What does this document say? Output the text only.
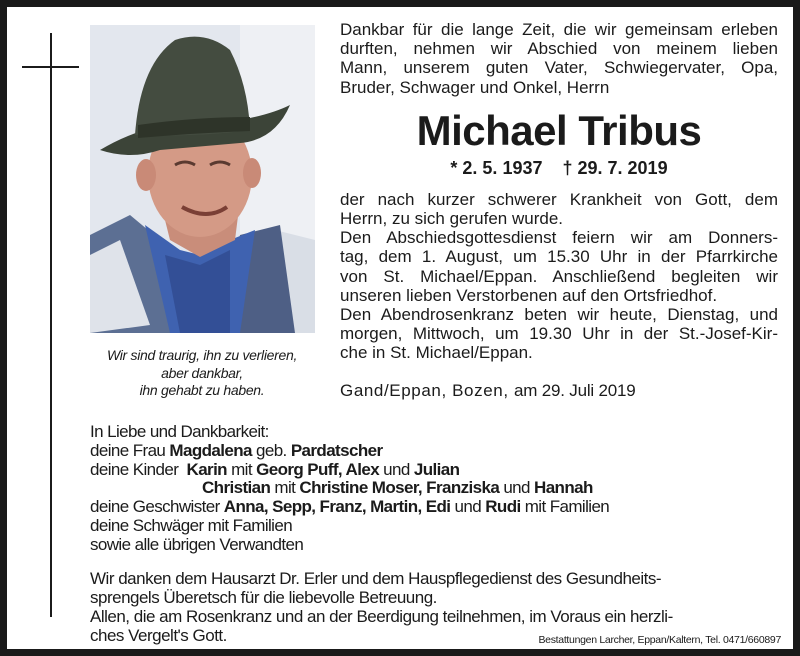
Wir sind traurig, ihn zu verlieren,
aber dankbar,
ihn gehabt zu haben.

Dankbar für die lange Zeit, die wir gemeinsam erleben

durften, nehmen wir Abschied von meinem lieben

Mann, unserem guten Vater, Schwiegervater, Opa,

Bruder, Schwager und Onkel, Herrn

Michael Tribus

* 2. 5. 1937 † 29. 7. 2019

der nach kurzer schwerer Krankheit von Gott, dem

Herrn, zu sich gerufen wurde.

Den Abschiedsgottesdienst feiern wir am Donners-

tag, dem 1. August, um 15.30 Uhr in der Pfarrkirche

von St. Michael/Eppan. Anschließend begleiten wir

unseren lieben Verstorbenen auf den Ortsfriedhof.

Den Abendrosenkranz beten wir heute, Dienstag, und

morgen, Mittwoch, um 19.30 Uhr in der St.-Josef-Kir-

che in St. Michael/Eppan.

Gand/Eppan, Bozen, am 29. Juli 2019
In Liebe und Dankbarkeit:
deine Frau Magdalena geb. Pardatscher
deine Kinder  Karin mit Georg Puff, Alex und Julian
Christian mit Christine Moser, Franziska und Hannah
deine Geschwister Anna, Sepp, Franz, Martin, Edi und Rudi mit Familien
deine Schwäger mit Familien
sowie alle übrigen Verwandten
Wir danken dem Hausarzt Dr. Erler und dem Hauspflegedienst des Gesundheits-
sprengels Überetsch für die liebevolle Betreuung.
Allen, die am Rosenkranz und an der Beerdigung teilnehmen, im Voraus ein herzli-
ches Vergelt's Gott.	Bestattungen Larcher, Eppan/Kaltern, Tel. 0471/660897
